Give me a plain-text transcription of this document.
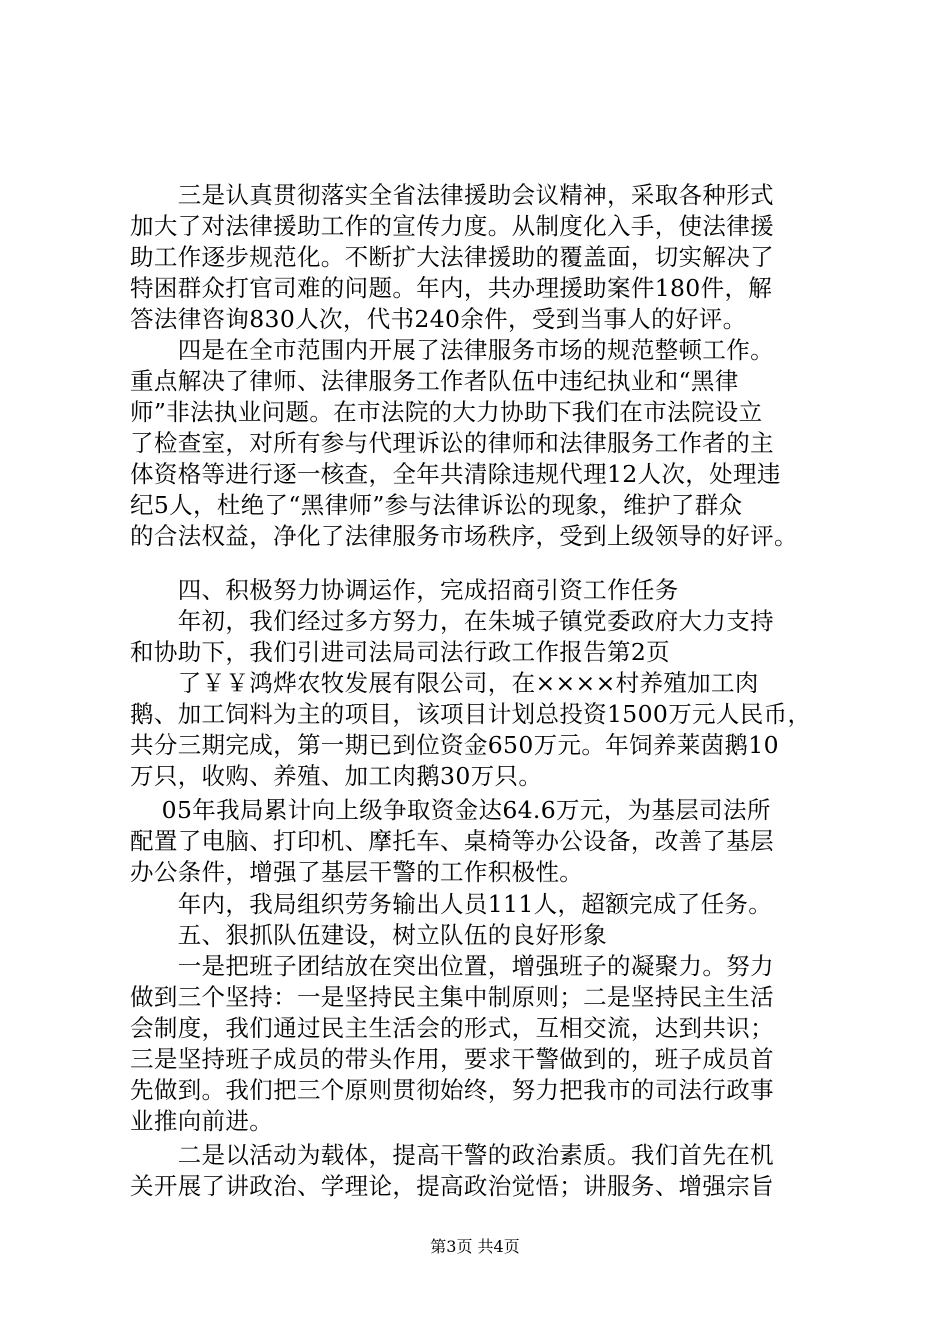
　　三是认真贯彻落实全省法律援助会议精神，采取各种形式
加大了对法律援助工作的宣传力度。从制度化入手，使法律援
助工作逐步规范化。不断扩大法律援助的覆盖面，切实解决了
特困群众打官司难的问题。年内，共办理援助案件180件，解
答法律咨询830人次，代书240余件，受到当事人的好评。
　　四是在全市范围内开展了法律服务市场的规范整顿工作。
重点解决了律师、法律服务工作者队伍中违纪执业和“黑律
师”非法执业问题。在市法院的大力协助下我们在市法院设立
了检查室，对所有参与代理诉讼的律师和法律服务工作者的主
体资格等进行逐一核查，全年共清除违规代理12人次，处理违
纪5人，杜绝了“黑律师”参与法律诉讼的现象，维护了群众
的合法权益，净化了法律服务市场秩序，受到上级领导的好评。
　　四、积极努力协调运作，完成招商引资工作任务
　　年初，我们经过多方努力，在朱城子镇党委政府大力支持
和协助下，我们引进司法局司法行政工作报告第2页
　　了￥￥鸿烨农牧发展有限公司，在××××村养殖加工肉
鹅、加工饲料为主的项目，该项目计划总投资1500万元人民币，
共分三期完成，第一期已到位资金650万元。年饲养莱茵鹅10
万只，收购、养殖、加工肉鹅30万只。
　 05年我局累计向上级争取资金达64.6万元，为基层司法所
配置了电脑、打印机、摩托车、桌椅等办公设备，改善了基层
办公条件，增强了基层干警的工作积极性。
　　年内，我局组织劳务输出人员111人，超额完成了任务。
　　五、狠抓队伍建设，树立队伍的良好形象
　　一是把班子团结放在突出位置，增强班子的凝聚力。努力
做到三个坚持：一是坚持民主集中制原则；二是坚持民主生活
会制度，我们通过民主生活会的形式，互相交流，达到共识；
三是坚持班子成员的带头作用，要求干警做到的，班子成员首
先做到。我们把三个原则贯彻始终，努力把我市的司法行政事
业推向前进。
　　二是以活动为载体，提高干警的政治素质。我们首先在机
关开展了讲政治、学理论，提高政治觉悟；讲服务、增强宗旨
第3页 共4页
